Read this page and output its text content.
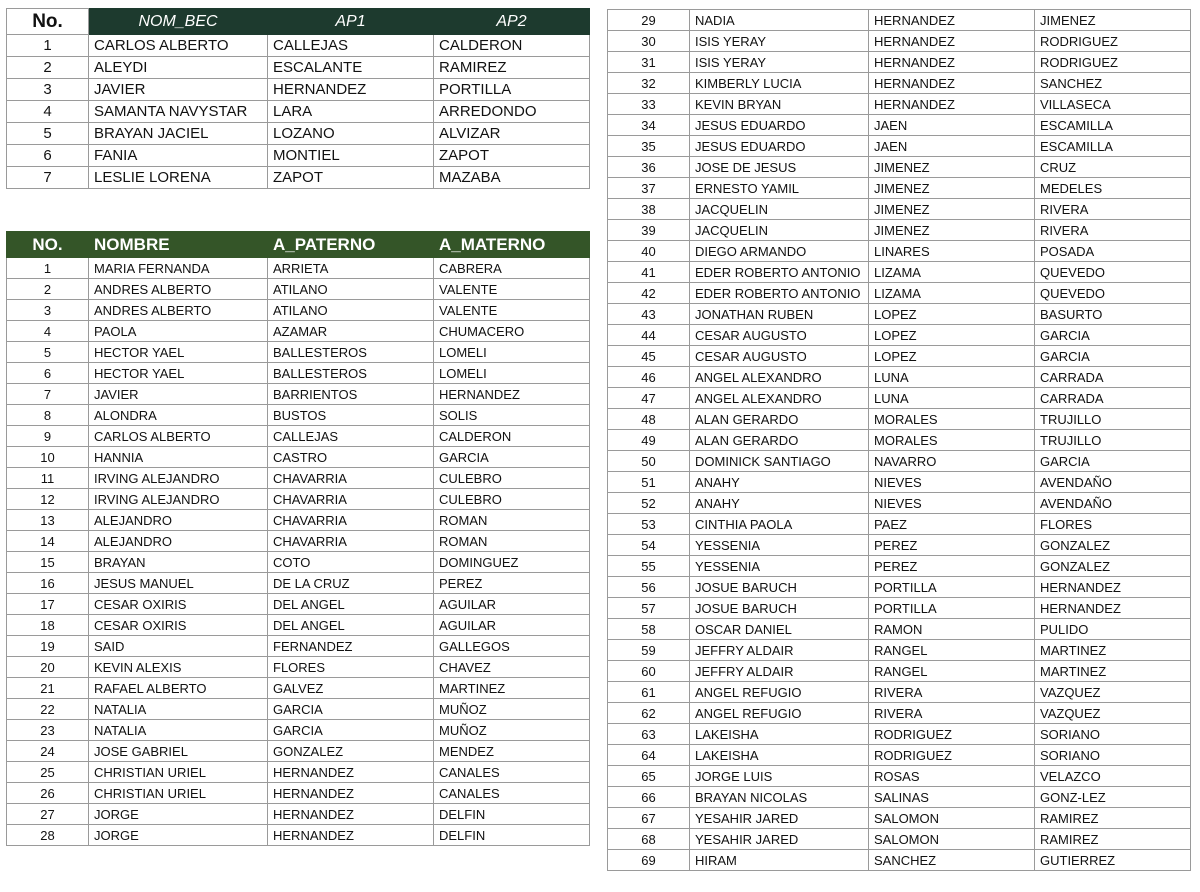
No.	NOM_BEC	AP1	AP2
1	CARLOS ALBERTO	CALLEJAS	CALDERON
2	ALEYDI	ESCALANTE	RAMIREZ
3	JAVIER	HERNANDEZ	PORTILLA
4	SAMANTA NAVYSTAR	LARA	ARREDONDO
5	BRAYAN JACIEL	LOZANO	ALVIZAR
6	FANIA	MONTIEL	ZAPOT
7	LESLIE LORENA	ZAPOT	MAZABA
NO.	NOMBRE	A_PATERNO	A_MATERNO
1	MARIA FERNANDA	ARRIETA	CABRERA
2	ANDRES ALBERTO	ATILANO	VALENTE
3	ANDRES ALBERTO	ATILANO	VALENTE
4	PAOLA	AZAMAR	CHUMACERO
5	HECTOR YAEL	BALLESTEROS	LOMELI
6	HECTOR YAEL	BALLESTEROS	LOMELI
7	JAVIER	BARRIENTOS	HERNANDEZ
8	ALONDRA	BUSTOS	SOLIS
9	CARLOS ALBERTO	CALLEJAS	CALDERON
10	HANNIA	CASTRO	GARCIA
11	IRVING ALEJANDRO	CHAVARRIA	CULEBRO
12	IRVING ALEJANDRO	CHAVARRIA	CULEBRO
13	ALEJANDRO	CHAVARRIA	ROMAN
14	ALEJANDRO	CHAVARRIA	ROMAN
15	BRAYAN	COTO	DOMINGUEZ
16	JESUS MANUEL	DE LA CRUZ	PEREZ
17	CESAR OXIRIS	DEL ANGEL	AGUILAR
18	CESAR OXIRIS	DEL ANGEL	AGUILAR
19	SAID	FERNANDEZ	GALLEGOS
20	KEVIN ALEXIS	FLORES	CHAVEZ
21	RAFAEL ALBERTO	GALVEZ	MARTINEZ
22	NATALIA	GARCIA	MUÑOZ
23	NATALIA	GARCIA	MUÑOZ
24	JOSE GABRIEL	GONZALEZ	MENDEZ
25	CHRISTIAN URIEL	HERNANDEZ	CANALES
26	CHRISTIAN URIEL	HERNANDEZ	CANALES
27	JORGE	HERNANDEZ	DELFIN
28	JORGE	HERNANDEZ	DELFIN
29	NADIA	HERNANDEZ	JIMENEZ
30	ISIS YERAY	HERNANDEZ	RODRIGUEZ
31	ISIS YERAY	HERNANDEZ	RODRIGUEZ
32	KIMBERLY LUCIA	HERNANDEZ	SANCHEZ
33	KEVIN BRYAN	HERNANDEZ	VILLASECA
34	JESUS EDUARDO	JAEN	ESCAMILLA
35	JESUS EDUARDO	JAEN	ESCAMILLA
36	JOSE DE JESUS	JIMENEZ	CRUZ
37	ERNESTO YAMIL	JIMENEZ	MEDELES
38	JACQUELIN	JIMENEZ	RIVERA
39	JACQUELIN	JIMENEZ	RIVERA
40	DIEGO ARMANDO	LINARES	POSADA
41	EDER ROBERTO ANTONIO	LIZAMA	QUEVEDO
42	EDER ROBERTO ANTONIO	LIZAMA	QUEVEDO
43	JONATHAN RUBEN	LOPEZ	BASURTO
44	CESAR AUGUSTO	LOPEZ	GARCIA
45	CESAR AUGUSTO	LOPEZ	GARCIA
46	ANGEL ALEXANDRO	LUNA	CARRADA
47	ANGEL ALEXANDRO	LUNA	CARRADA
48	ALAN GERARDO	MORALES	TRUJILLO
49	ALAN GERARDO	MORALES	TRUJILLO
50	DOMINICK SANTIAGO	NAVARRO	GARCIA
51	ANAHY	NIEVES	AVENDAÑO
52	ANAHY	NIEVES	AVENDAÑO
53	CINTHIA PAOLA	PAEZ	FLORES
54	YESSENIA	PEREZ	GONZALEZ
55	YESSENIA	PEREZ	GONZALEZ
56	JOSUE BARUCH	PORTILLA	HERNANDEZ
57	JOSUE BARUCH	PORTILLA	HERNANDEZ
58	OSCAR DANIEL	RAMON	PULIDO
59	JEFFRY ALDAIR	RANGEL	MARTINEZ
60	JEFFRY ALDAIR	RANGEL	MARTINEZ
61	ANGEL REFUGIO	RIVERA	VAZQUEZ
62	ANGEL REFUGIO	RIVERA	VAZQUEZ
63	LAKEISHA	RODRIGUEZ	SORIANO
64	LAKEISHA	RODRIGUEZ	SORIANO
65	JORGE LUIS	ROSAS	VELAZCO
66	BRAYAN NICOLAS	SALINAS	GONZ-LEZ
67	YESAHIR JARED	SALOMON	RAMIREZ
68	YESAHIR JARED	SALOMON	RAMIREZ
69	HIRAM	SANCHEZ	GUTIERREZ
